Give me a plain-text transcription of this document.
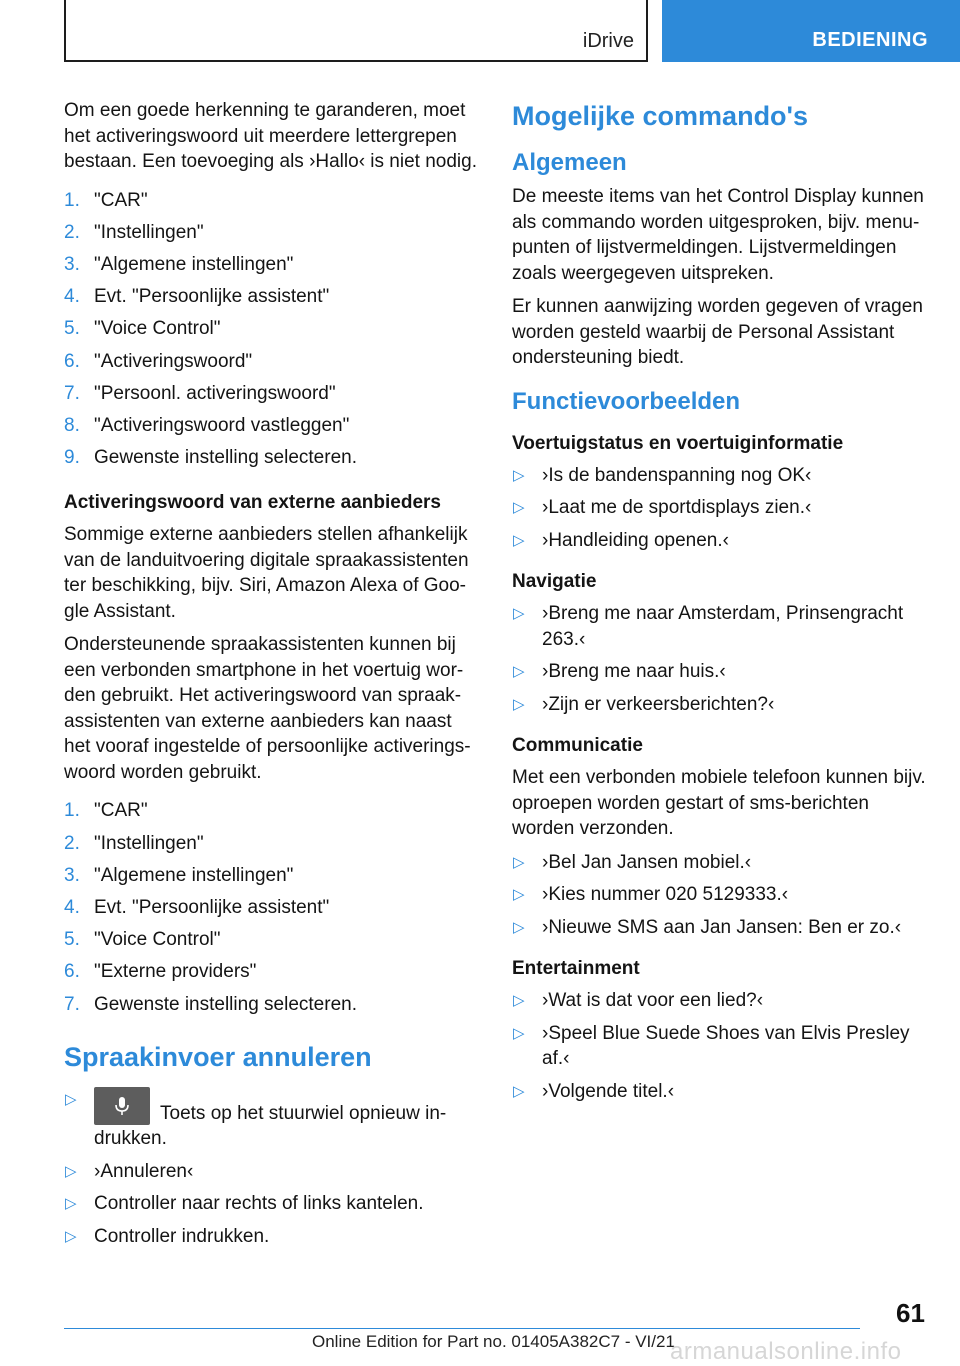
iDrive	BEDIENING

Om een goede herkenning te garanderen, moet het activeringswoord uit meerdere lettergrepen bestaan. Een toevoeging als ›Hallo‹ is niet nodig.

1. "CAR"
2. "Instellingen"
3. "Algemene instellingen"
4. Evt. "Persoonlijke assistent"
5. "Voice Control"
6. "Activeringswoord"
7. "Persoonl. activeringswoord"
8. "Activeringswoord vastleggen"
9. Gewenste instelling selecteren.
Activeringswoord van externe aanbieders

Sommige externe aanbieders stellen afhankelijk van de landuitvoering digitale spraakassistenten ter beschikking, bijv. Siri, Amazon Alexa of Google Assistant.

Ondersteunende spraakassistenten kunnen bij een verbonden smartphone in het voertuig worden gebruikt. Het activeringswoord van spraakassistenten van externe aanbieders kan naast het vooraf ingestelde of persoonlijke activeringswoord worden gebruikt.

1. "CAR"
2. "Instellingen"
3. "Algemene instellingen"
4. Evt. "Persoonlijke assistent"
5. "Voice Control"
6. "Externe providers"
7. Gewenste instelling selecteren.
Spraakinvoer annuleren
▷
Toets op het stuurwiel opnieuw indrukken.
▷ ›Annuleren‹
▷ Controller naar rechts of links kantelen.
▷ Controller indrukken.
Mogelijke commando's
Algemeen

De meeste items van het Control Display kunnen als commando worden uitgesproken, bijv. menupunten of lijstvermeldingen. Lijstvermeldingen zoals weergegeven uitspreken.

Er kunnen aanwijzing worden gegeven of vragen worden gesteld waarbij de Personal Assistant ondersteuning biedt.

Functievoorbeelden
Voertuigstatus en voertuiginformatie
▷ ›Is de bandenspanning nog OK‹
▷ ›Laat me de sportdisplays zien.‹
▷ ›Handleiding openen.‹
Navigatie
▷ ›Breng me naar Amsterdam, Prinsengracht 263.‹
▷ ›Breng me naar huis.‹
▷ ›Zijn er verkeersberichten?‹
Communicatie

Met een verbonden mobiele telefoon kunnen bijv. oproepen worden gestart of sms-berichten worden verzonden.

▷ ›Bel Jan Jansen mobiel.‹
▷ ›Kies nummer 020 5129333.‹
▷ ›Nieuwe SMS aan Jan Jansen: Ben er zo.‹
Entertainment
▷ ›Wat is dat voor een lied?‹
▷ ›Speel Blue Suede Shoes van Elvis Presley af.‹
▷ ›Volgende titel.‹
61
Online Edition for Part no. 01405A382C7 - VI/21
armanualsonline.info
